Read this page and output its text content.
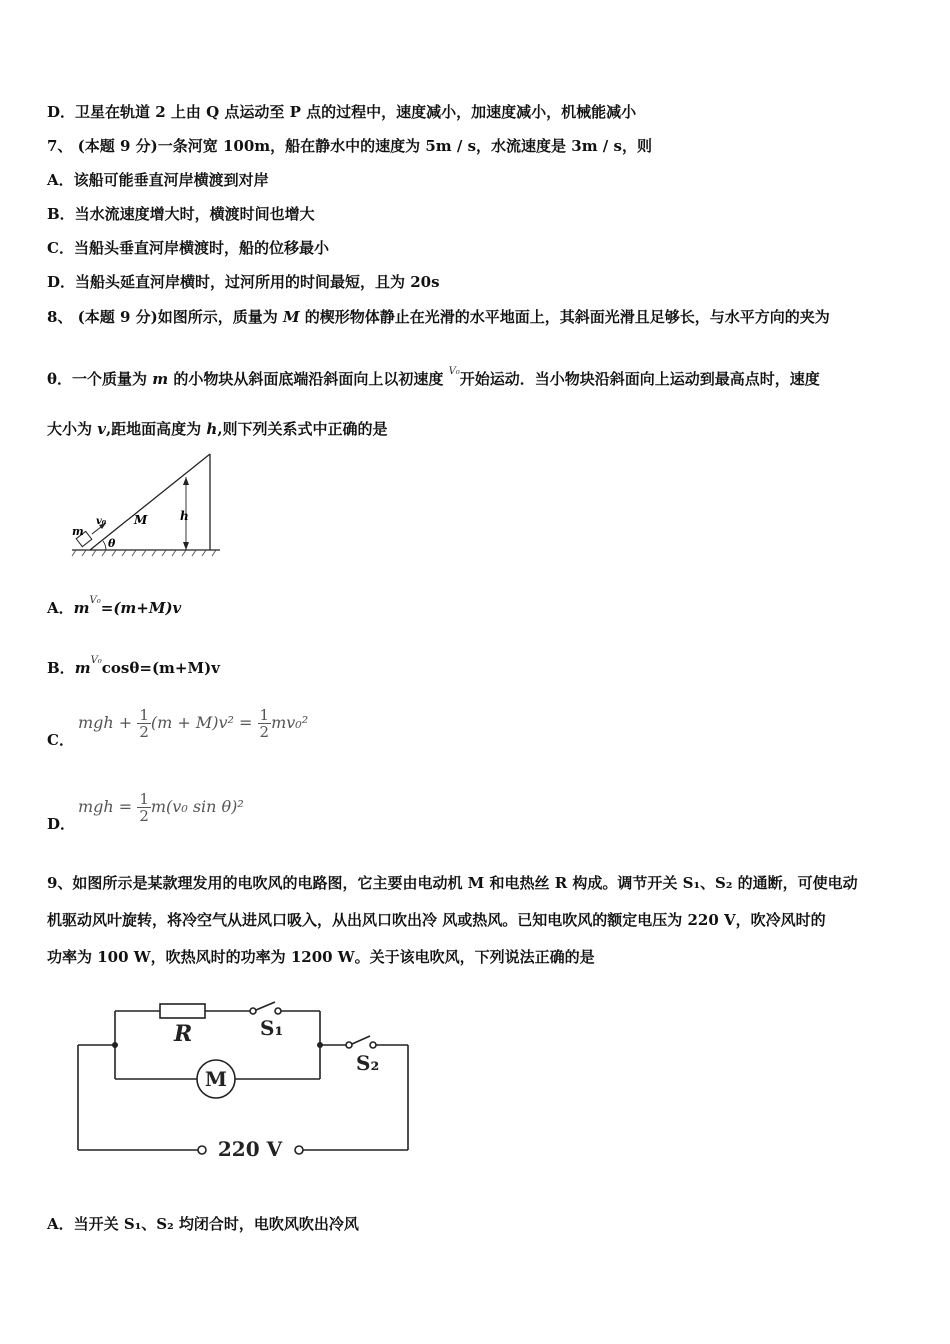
D．卫星在轨道 2 上由 Q 点运动至 P 点的过程中，速度减小，加速度减小，机械能减小
7、 (本题 9 分)一条河宽 100m，船在静水中的速度为 5m / s，水流速度是 3m / s，则
A．该船可能垂直河岸横渡到对岸
B．当水流速度增大时，横渡时间也增大
C．当船头垂直河岸横渡时，船的位移最小
D．当船头延直河岸横时，过河所用的时间最短，且为 20s
8、 (本题 9 分)如图所示，质量为 M 的楔形物体静止在光滑的水平地面上，其斜面光滑且足够长，与水平方向的夹为
θ．一个质量为 m 的小物块从斜面底端沿斜面向上以初速度 $^{V_0}$开始运动．当小物块沿斜面向上运动到最高点时，速度
大小为 v,距地面高度为 h,则下列关系式中正确的是
m
v₀ M	h
θ
A．$m^{V_0}=(m+M)v$
B．$m^{V_0}\cos\theta=(m+M)v$
C．
mgh + $\frac{1}{2} (m + M)v^2 = \frac{1}{2} mv_0^2$
D．
mgh = $\frac{1}{2} m(v_0$ sin θ)²
9、如图所示是某款理发用的电吹风的电路图，它主要由电动机 M 和电热丝 R 构成。调节开关 S₁、S₂ 的通断，可使电动
机驱动风叶旋转，将冷空气从进风口吸入，从出风口吹出冷 风或热风。已知电吹风的额定电压为 220 V，吹冷风时的
功率为 100 W，吹热风时的功率为 1200 W。关于该电吹风，下列说法正确的是
R	S₁
S₂
M
220 V
A．当开关 S₁、S₂ 均闭合时，电吹风吹出冷风
